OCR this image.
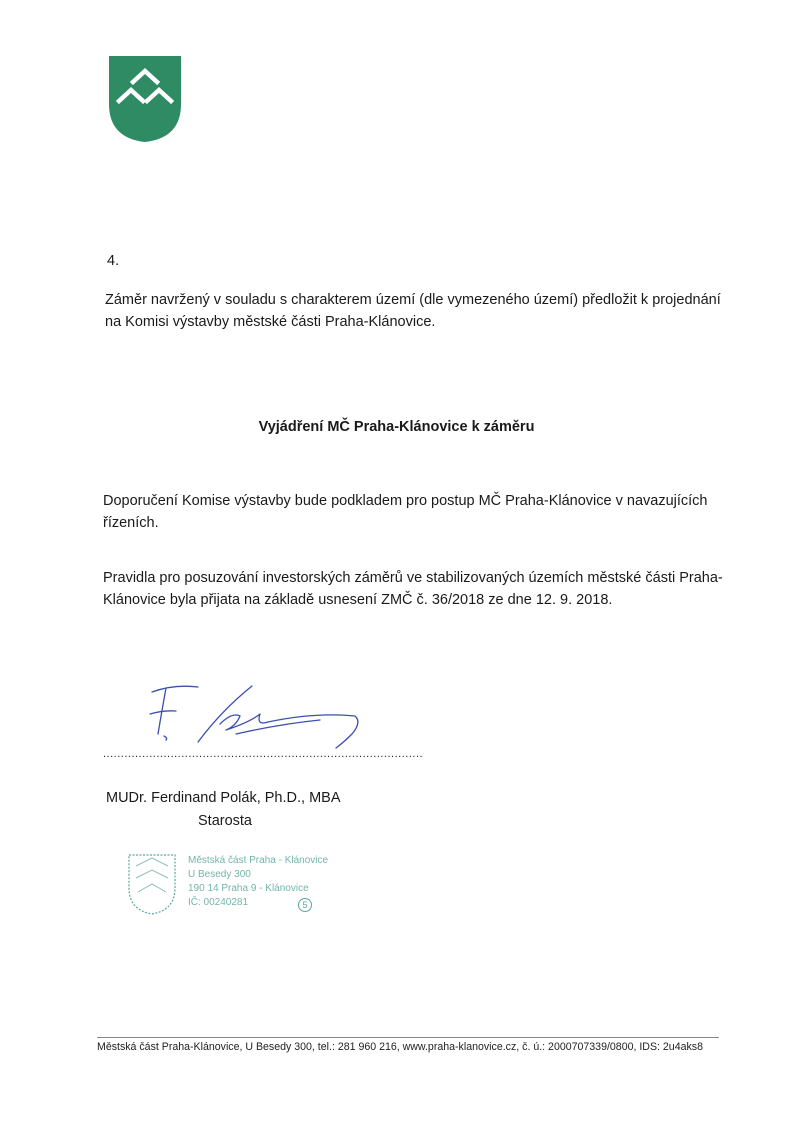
4.
Záměr navržený v souladu s charakterem území (dle vymezeného území) předložit k projednání na Komisi výstavby městské části Praha-Klánovice.
Vyjádření MČ Praha-Klánovice k záměru
Doporučení Komise výstavby bude podkladem pro postup MČ Praha-Klánovice v navazujících řízeních.
Pravidla pro posuzování investorských záměrů ve stabilizovaných územích městské části Praha-Klánovice byla přijata na základě usnesení ZMČ č. 36/2018 ze dne 12. 9. 2018.
..........................................................................................
MUDr. Ferdinand Polák, Ph.D., MBA
Starosta
Městská část Praha - Klánovice
U Besedy 300
190 14 Praha 9 - Klánovice
IČ: 00240281	5
Městská část Praha-Klánovice, U Besedy 300, tel.: 281 960 216, www.praha-klanovice.cz, č. ú.: 2000707339/0800, IDS: 2u4aks8
